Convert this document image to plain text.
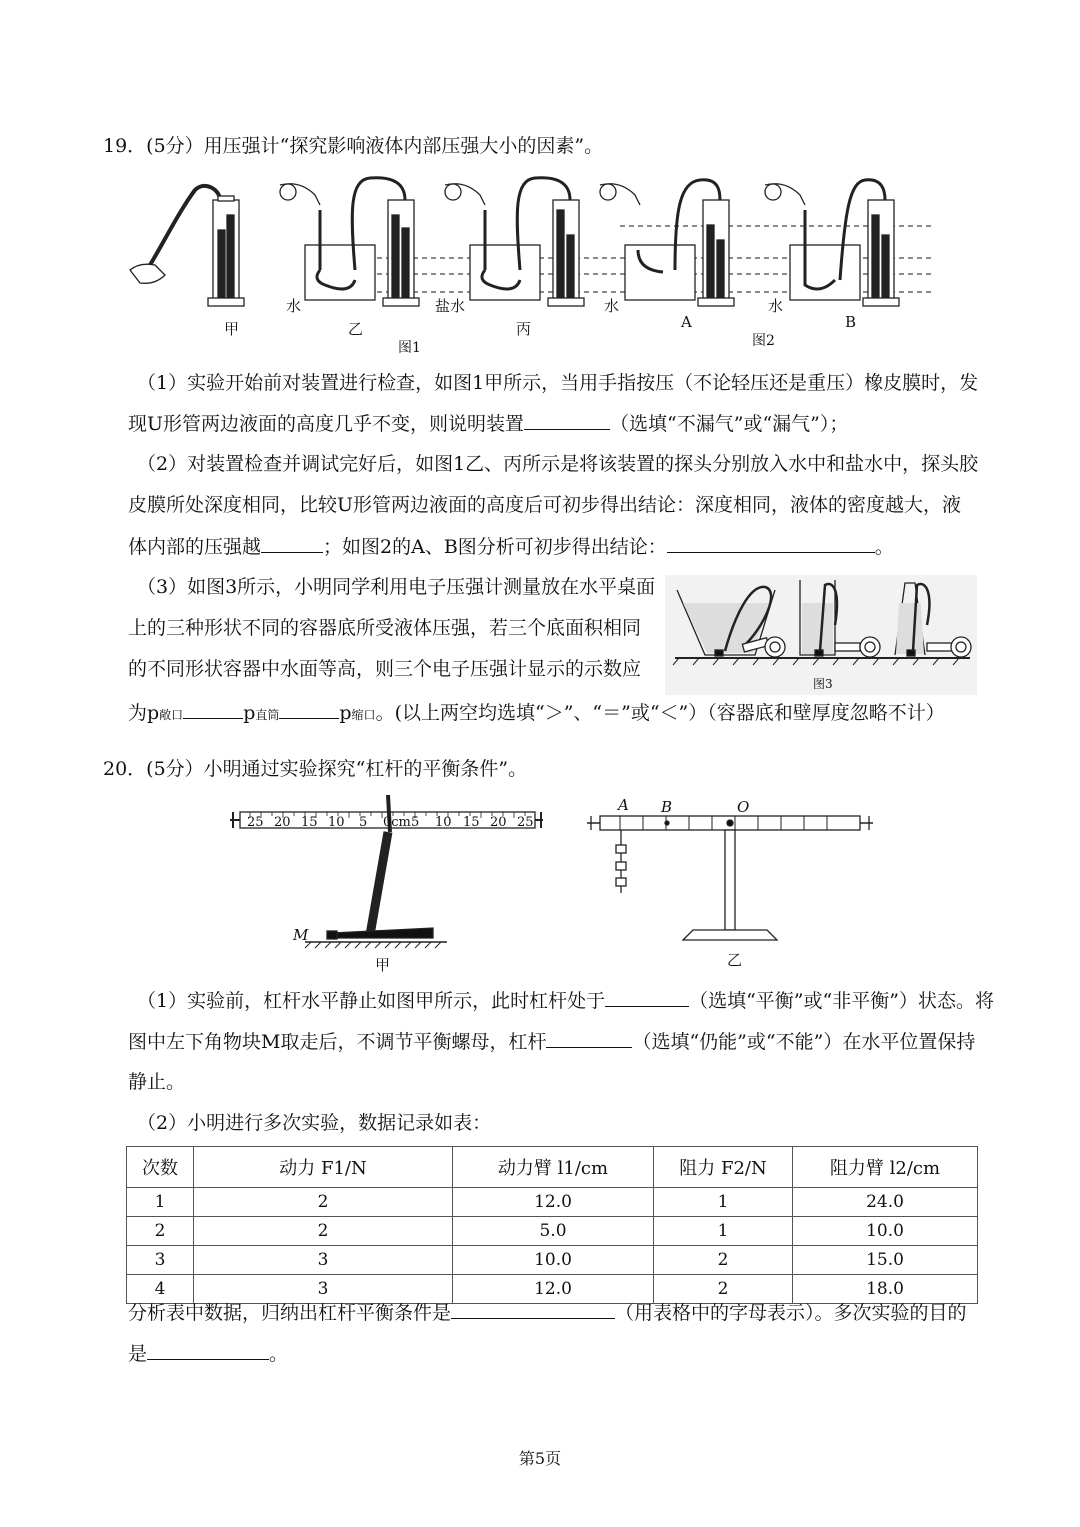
19．(5分）用压强计“探究影响液体内部压强大小的因素”。
甲	乙	丙
水	盐水	水	水
A	B
图1	图2
（1）实验开始前对装置进行检查，如图1甲所示，当用手指按压（不论轻压还是重压）橡皮膜时，发
现U形管两边液面的高度几乎不变，则说明装置	（选填“不漏气”或“漏气”）；
（2）对装置检查并调试完好后，如图1乙、丙所示是将该装置的探头分别放入水中和盐水中，探头胶
皮膜所处深度相同，比较U形管两边液面的高度后可初步得出结论：深度相同，液体的密度越大，液
体内部的压强越	；如图2的A、B图分析可初步得出结论：	。
（3）如图3所示，小明同学利用电子压强计测量放在水平桌面
上的三种形状不同的容器底所受液体压强，若三个底面积相同
的不同形状容器中水面等高，则三个电子压强计显示的示数应
为p敞口	p直筒	p缩口。(以上两空均选填“＞”、“＝”或“＜”）（容器底和壁厚度忽略不计）
图3
20．(5分）小明通过实验探究“杠杆的平衡条件”。
25 20 15 10 5 0cm 5 10 15 20 25
M
A B	O
甲	乙
（1）实验前，杠杆水平静止如图甲所示，此时杠杆处于	（选填“平衡”或“非平衡”）状态。将
图中左下角物块M取走后，不调节平衡螺母，杠杆	（选填“仍能”或“不能”）在水平位置保持
静止。
（2）小明进行多次实验，数据记录如表：
次数	动力 F1/N	动力臂 l1/cm	阻力 F2/N	阻力臂 l2/cm
1	2	12.0	1	24.0
2	2	5.0	1	10.0
3	3	10.0	2	15.0
4	3	12.0	2	18.0
分析表中数据，归纳出杠杆平衡条件是	（用表格中的字母表示）。多次实验的目的
是	。
第5页
